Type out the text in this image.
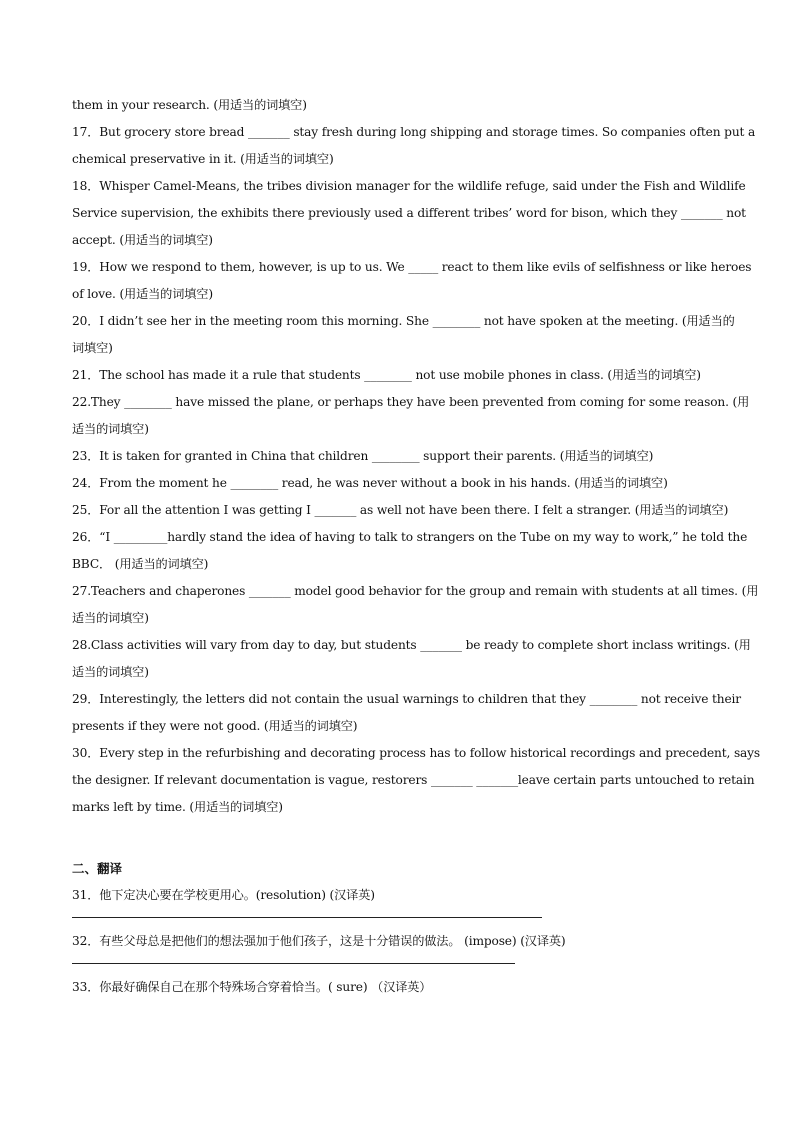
them in your research. (用适当的词填空)
17．But grocery store bread _______ stay fresh during long shipping and storage times. So companies often put a
chemical preservative in it. (用适当的词填空)
18．Whisper Camel-Means, the tribes division manager for the wildlife refuge, said under the Fish and Wildlife
Service supervision, the exhibits there previously used a different tribes’ word for bison, which they _______ not
accept. (用适当的词填空)
19．How we respond to them, however, is up to us. We _____ react to them like evils of selfishness or like heroes
of love. (用适当的词填空)
20．I didn’t see her in the meeting room this morning. She ________ not have spoken at the meeting. (用适当的
词填空)
21．The school has made it a rule that students ________ not use mobile phones in class. (用适当的词填空)
22.They ________ have missed the plane, or perhaps they have been prevented from coming for some reason. (用
适当的词填空)
23．It is taken for granted in China that children ________ support their parents. (用适当的词填空)
24．From the moment he ________ read, he was never without a book in his hands. (用适当的词填空)
25．For all the attention I was getting I _______ as well not have been there. I felt a stranger. (用适当的词填空)
26．“I _________hardly stand the idea of having to talk to strangers on the Tube on my way to work,” he told the
BBC． (用适当的词填空)
27.Teachers and chaperones _______ model good behavior for the group and remain with students at all times. (用
适当的词填空)
28.Class activities will vary from day to day, but students _______ be ready to complete short inclass writings. (用
适当的词填空)
29．Interestingly, the letters did not contain the usual warnings to children that they ________ not receive their
presents if they were not good. (用适当的词填空)
30．Every step in the refurbishing and decorating process has to follow historical recordings and precedent, says
the designer. If relevant documentation is vague, restorers _______ _______leave certain parts untouched to retain
marks left by time. (用适当的词填空)
二、翻译
31．他下定决心要在学校更用心。(resolution) (汉译英)
32．有些父母总是把他们的想法强加于他们孩子，这是十分错误的做法。 (impose) (汉译英)
33．你最好确保自己在那个特殊场合穿着恰当。( sure) （汉译英）
